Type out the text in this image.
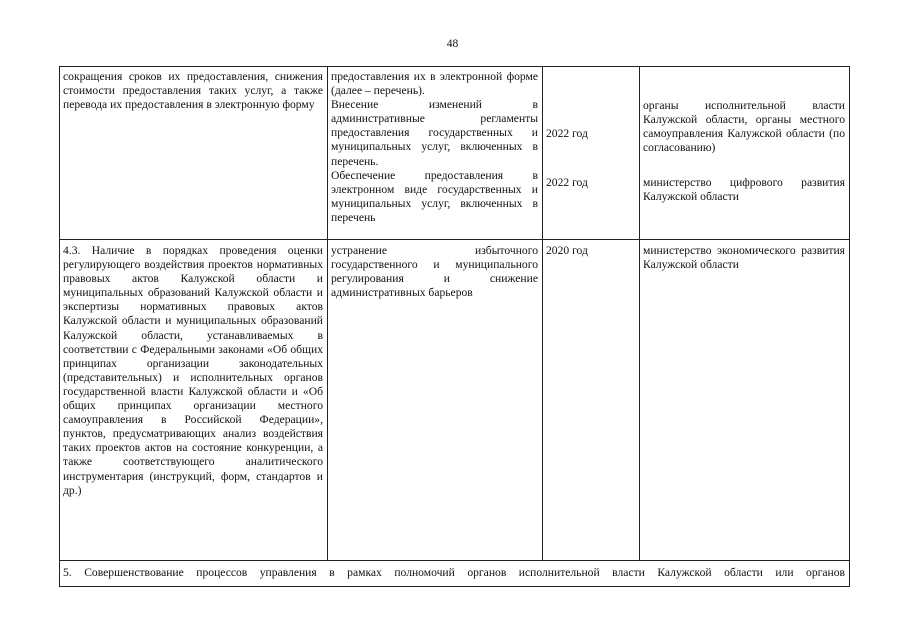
48
сокращения сроков их предоставления, снижения стоимости предоставления таких услуг, а также перевода их предоставления в электронную форму

предоставления их в электронной форме (далее – перечень).

Внесение изменений в административные регламенты предоставления государственных и муниципальных услуг, включенных в перечень.

Обеспечение предоставления в электронном виде государственных и муниципальных услуг, включенных в перечень

2022 год
2022 год
органы исполнительной власти Калужской области, органы местного самоуправления Калужской области (по согласованию)
министерство цифрового развития Калужской области
4.3. Наличие в порядках проведения оценки регулирующего воздействия проектов нормативных правовых актов Калужской области и муниципальных образований Калужской области и экспертизы нормативных правовых актов Калужской области и муниципальных образований Калужской области, устанавливаемых в соответствии с Федеральными законами «Об общих принципах организации законодательных (представительных) и исполнительных органов государственной власти Калужской области и «Об общих принципах организации местного самоуправления в Российской Федерации», пунктов, предусматривающих анализ воздействия таких проектов актов на состояние конкуренции, а также соответствующего аналитического инструментария (инструкций, форм, стандартов и др.)
устранение избыточного государственного и муниципального регулирования и снижение административных барьеров
2020 год	министерство экономического развития Калужской области
5. Совершенствование процессов управления в рамках полномочий органов исполнительной власти Калужской области или органов
